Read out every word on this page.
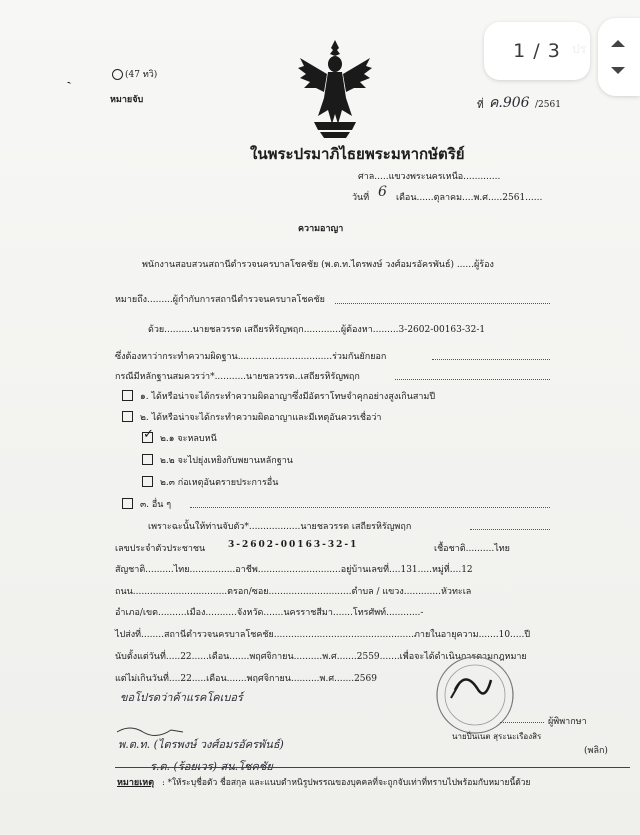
ˎ	(47 ทวิ)
หมายจับ	ที่ ค.906 /2561
ในพระปรมาภิไธยพระมหากษัตริย์
ศาล.....แขวงพระนครเหนือ.............
วันที่ 6 เดือน......ตุลาคม....พ.ศ.....2561......
ความอาญา
พนักงานสอบสวนสถานีตำรวจนครบาลโชคชัย (พ.ต.ท.ไตรพงษ์ วงศ์อมรอัครพันธ์) ......ผู้ร้อง
หมายถึง.........ผู้กำกับการสถานีตำรวจนครบาลโชคชัย
ด้วย..........นายชลวรรต เสถียรหิรัญพฤก.............ผู้ต้องหา.........3-2602-00163-32-1
ซึ่งต้องหาว่ากระทำความผิดฐาน.................................ร่วมกันยักยอก
กรณีมีหลักฐานสมควรว่า*...........นายชลวรรต..เสถียรหิรัญพฤก
๑. ได้หรือน่าจะได้กระทำความผิดอาญาซึ่งมีอัตราโทษจำคุกอย่างสูงเกินสามปี
๒. ได้หรือน่าจะได้กระทำความผิดอาญาและมีเหตุอันควรเชื่อว่า
✓
๒.๑ จะหลบหนี
๒.๒ จะไปยุ่งเหยิงกับพยานหลักฐาน
๒.๓ ก่อเหตุอันตรายประการอื่น
๓. อื่น ๆ
เพราะฉะนั้นให้ท่านจับตัว*..................นายชลวรรต เสถียรหิรัญพฤก
เลขประจำตัวประชาชน	3-2602-00163-32-1	เชื้อชาติ..........ไทย
สัญชาติ..........ไทย................อาชีพ.............................อยู่บ้านเลขที่....131.....หมู่ที่....12
ถนน.................................ตรอก/ซอย.............................ตำบล / แขวง.............หัวทะเล
อำเภอ/เขต..........เมือง...........จังหวัด.......นครราชสีมา.......โทรศัพท์............-
ไปส่งที่........สถานีตำรวจนครบาลโชคชัย.................................................ภายในอายุความ.......10.....ปี
นับตั้งแต่วันที่.....22......เดือน.......พฤศจิกายน..........พ.ศ.......2559.......เพื่อจะได้ดำเนินการตามกฎหมาย
แต่ไม่เกินวันที่....22.....เดือน.......พฤศจิกายน..........พ.ศ.......2569
ขอโปรดว่าค้าแรคโคเบอร์
พ.ต.ท. (ไตรพงษ์ วงศ์อมรอัครพันธ์)
ร.ต. (ร้อยเวร) สน.โชคชัย
ผู้พิพากษา
นายปิ่นเนต สุระนะเรืองสิร
(พลิก)
หมายเหตุ : *ให้ระบุชื่อตัว ชื่อสกุล และแนบตำหนิรูปพรรณของบุคคลที่จะถูกจับเท่าที่ทราบไปพร้อมกับหมายนี้ด้วย
1 / 3
